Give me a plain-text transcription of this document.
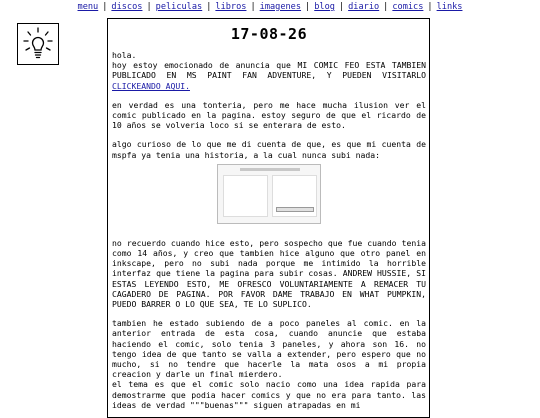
menu | discos | peliculas | libros | imagenes | blog | diario | comics | links
17-08-26
hola.
hoy estoy emocionado de anuncia que MI COMIC FEO ESTA TAMBIEN PUBLICADO EN MS PAINT FAN ADVENTURE, Y PUEDEN VISITARLO CLICKEANDO AQUI.
en verdad es una tonteria, pero me hace mucha ilusion ver el comic publicado en la pagina. estoy seguro de que el ricardo de 10 años se volveria loco si se enterara de esto.
algo curioso de lo que me di cuenta de que, es que mi cuenta de mspfa ya tenia una historia, a la cual nunca subi nada:
no recuerdo cuando hice esto, pero sospecho que fue cuando tenia como 14 años, y creo que tambien hice alguno que otro panel en inkscape, pero no subi nada porque me intimido la horrible interfaz que tiene la pagina para subir cosas. ANDREW HUSSIE, SI ESTAS LEYENDO ESTO, ME OFRESCO VOLUNTARIAMENTE A REMACER TU CAGADERO DE PAGINA. POR FAVOR DAME TRABAJO EN WHAT PUMPKIN, PUEDO BARRER O LO QUE SEA, TE LO SUPLICO.
tambien he estado subiendo de a poco paneles al comic. en la anterior entrada de esta cosa, cuando anuncie que estaba haciendo el comic, solo tenia 3 paneles, y ahora son 16. no tengo idea de que tanto se valla a extender, pero espero que no mucho, si no tendre que hacerle la mata osos a mi propia creacion y darle un final mierdero.
el tema es que el comic solo nacio como una idea rapida para demostrarme que podia hacer comics y que no era para tanto. las ideas de verdad """buenas""" siguen atrapadas en mi
